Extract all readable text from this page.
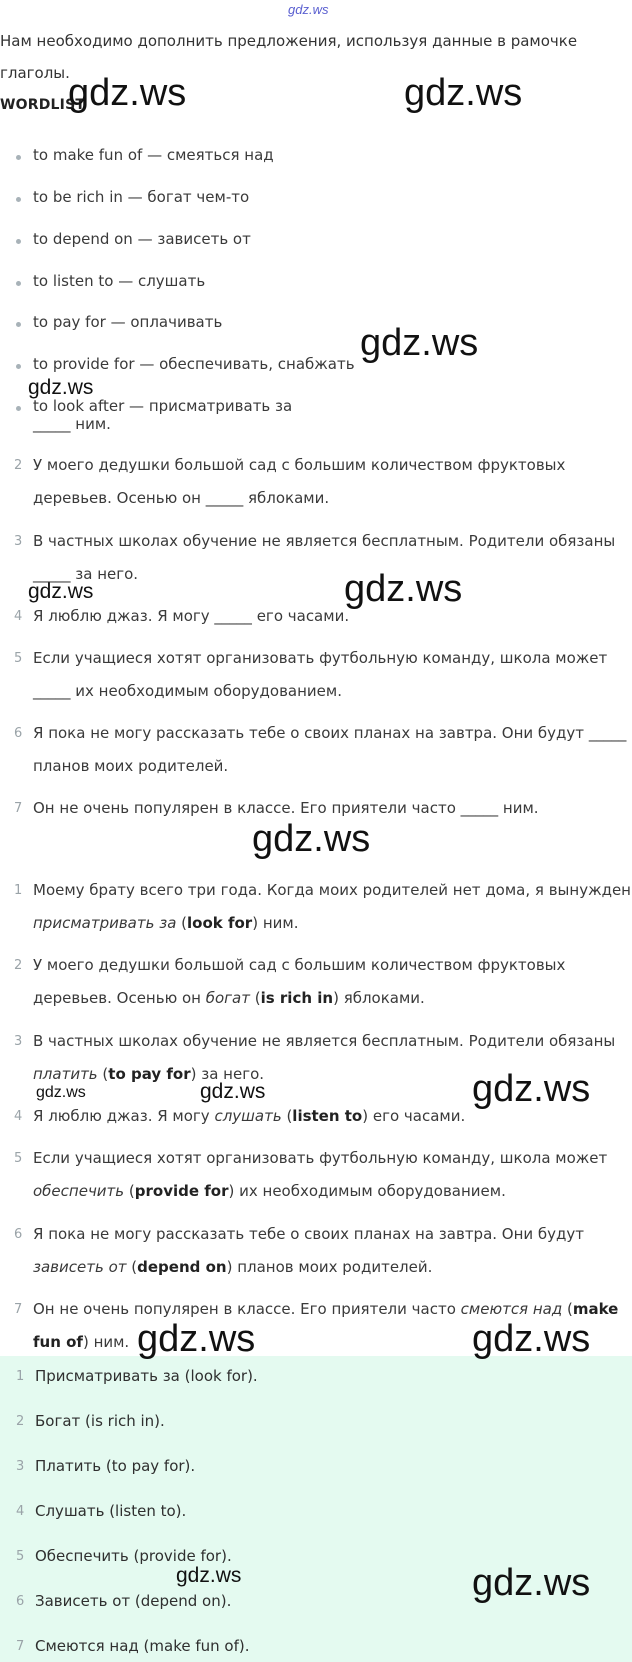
gdz.ws
Нам необходимо дополнить предложения, используя данные в рамочке
глаголы.
WORDLIST
to make fun of — смеяться над
to be rich in — богат чем-то
to depend on — зависеть от
to listen to — слушать
to pay for — оплачивать
to provide for — обеспечивать, снабжать
to look after — присматривать за
_____ ним.
2 У моего дедушки большой сад с большим количеством фруктовых
деревьев. Осенью он _____ яблоками.
3 В частных школах обучение не является бесплатным. Родители обязаны
_____ за него.
4 Я люблю джаз. Я могу _____ его часами.
5 Если учащиеся хотят организовать футбольную команду, школа может
_____ их необходимым оборудованием.
6 Я пока не могу рассказать тебе о своих планах на завтра. Они будут _____
планов моих родителей.
7 Он не очень популярен в классе. Его приятели часто _____ ним.
1 Моему брату всего три года. Когда моих родителей нет дома, я вынужден
присматривать за (look for) ним.
2 У моего дедушки большой сад с большим количеством фруктовых
деревьев. Осенью он богат (is rich in) яблоками.
3 В частных школах обучение не является бесплатным. Родители обязаны
платить (to pay for) за него.
4 Я люблю джаз. Я могу слушать (listen to) его часами.
5 Если учащиеся хотят организовать футбольную команду, школа может
обеспечить (provide for) их необходимым оборудованием.
6 Я пока не могу рассказать тебе о своих планах на завтра. Они будут
зависеть от (depend on) планов моих родителей.
7 Он не очень популярен в классе. Его приятели часто смеются над (make
fun of) ним.
1 Присматривать за (look for).
2 Богат (is rich in).
3 Платить (to pay for).
4 Слушать (listen to).
5 Обеспечить (provide for).
6 Зависеть от (depend on).
7 Смеются над (make fun of).
gdz.ws	gdz.ws
gdz.ws
gdz.ws
gdz.ws	gdz.ws
gdz.ws
gdz.ws	gdz.ws	gdz.ws
gdz.ws	gdz.ws
gdz.ws	gdz.ws
